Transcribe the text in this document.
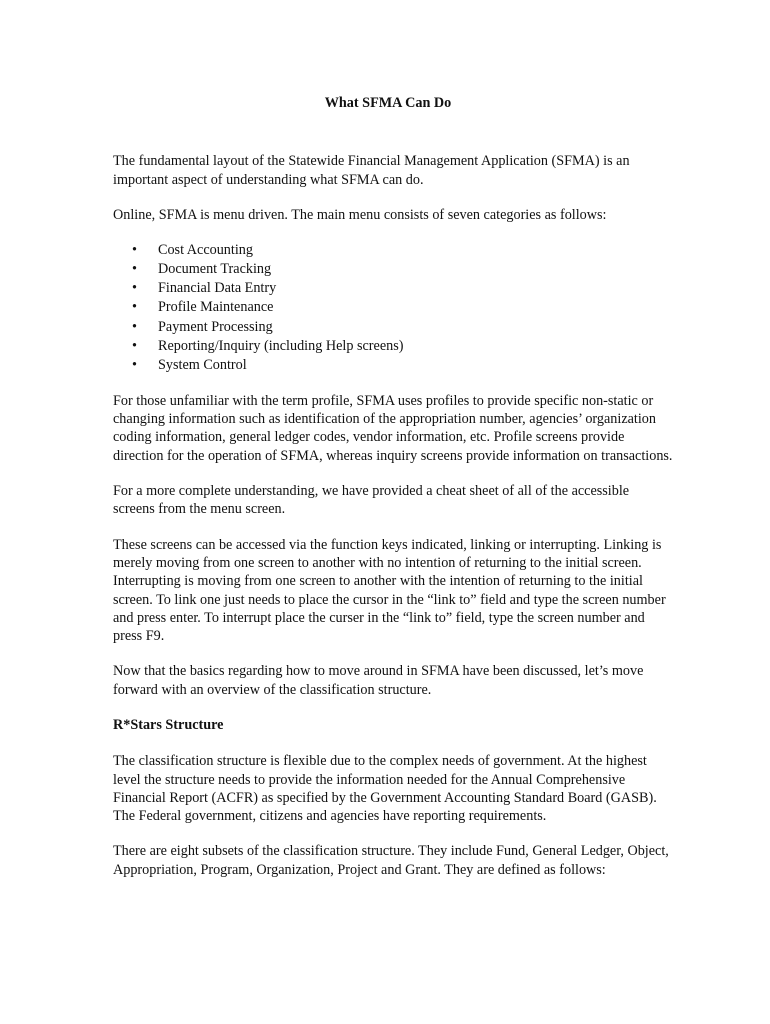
What SFMA Can Do

The fundamental layout of the Statewide Financial Management Application (SFMA) is an important aspect of understanding what SFMA can do.

Online, SFMA is menu driven. The main menu consists of seven categories as follows:

• Cost Accounting
• Document Tracking
• Financial Data Entry
• Profile Maintenance
• Payment Processing
• Reporting/Inquiry (including Help screens)
• System Control

For those unfamiliar with the term profile, SFMA uses profiles to provide specific non-static or changing information such as identification of the appropriation number, agencies’ organization coding information, general ledger codes, vendor information, etc. Profile screens provide direction for the operation of SFMA, whereas inquiry screens provide information on transactions.

For a more complete understanding, we have provided a cheat sheet of all of the accessible screens from the menu screen.

These screens can be accessed via the function keys indicated, linking or interrupting. Linking is merely moving from one screen to another with no intention of returning to the initial screen. Interrupting is moving from one screen to another with the intention of returning to the initial screen. To link one just needs to place the cursor in the “link to” field and type the screen number and press enter. To interrupt place the curser in the “link to” field, type the screen number and press F9.

Now that the basics regarding how to move around in SFMA have been discussed, let’s move forward with an overview of the classification structure.

R*Stars Structure

The classification structure is flexible due to the complex needs of government. At the highest level the structure needs to provide the information needed for the Annual Comprehensive Financial Report (ACFR) as specified by the Government Accounting Standard Board (GASB). The Federal government, citizens and agencies have reporting requirements.

There are eight subsets of the classification structure. They include Fund, General Ledger, Object, Appropriation, Program, Organization, Project and Grant. They are defined as follows:
